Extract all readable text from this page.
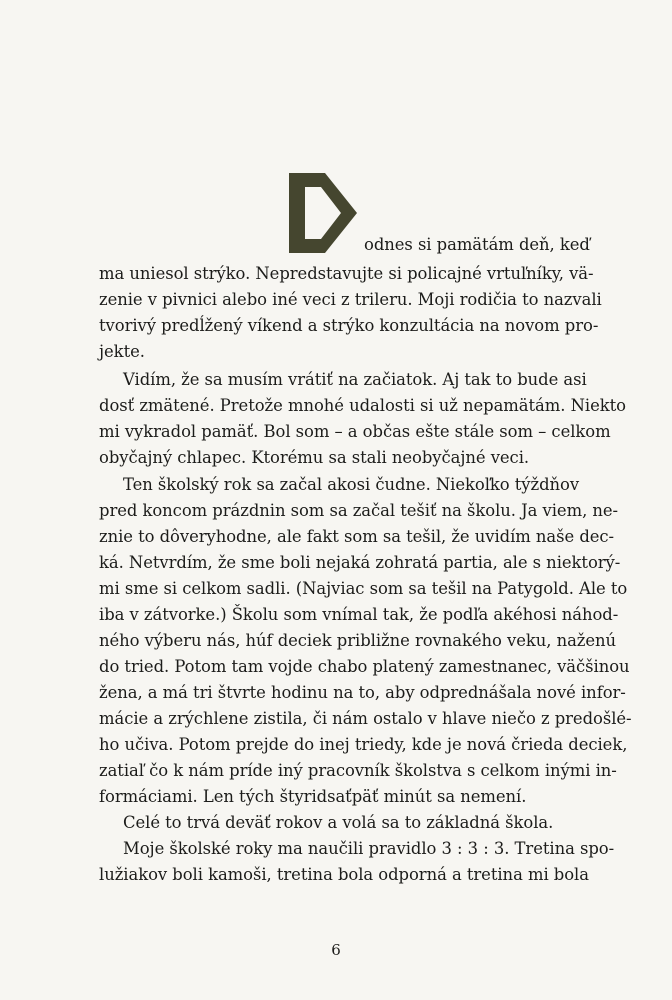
odnes si pamätám deň, keď
ma uniesol strýko. Nepredstavujte si policajné vrtuľníky, vä-
zenie v pivnici alebo iné veci z trileru. Moji rodičia to nazvali
tvorivý predĺžený víkend a strýko konzultácia na novom pro-
jekte.
Vidím, že sa musím vrátiť na začiatok. Aj tak to bude asi
dosť zmätené. Pretože mnohé udalosti si už nepamätám. Niekto
mi vykradol pamäť. Bol som – a občas ešte stále som – celkom
obyčajný chlapec. Ktorému sa stali neobyčajné veci.
Ten školský rok sa začal akosi čudne. Niekoľko týždňov
pred koncom prázdnin som sa začal tešiť na školu. Ja viem, ne-
znie to dôveryhodne, ale fakt som sa tešil, že uvidím naše dec-
ká. Netvrdím, že sme boli nejaká zohratá partia, ale s niektorý-
mi sme si celkom sadli. (Najviac som sa tešil na Patygold. Ale to
iba v zátvorke.) Školu som vnímal tak, že podľa akéhosi náhod-
ného výberu nás, húf deciek približne rovnakého veku, naženú
do tried. Potom tam vojde chabo platený zamestnanec, väčšinou
žena, a má tri štvrte hodinu na to, aby odprednášala nové infor-
mácie a zrýchlene zistila, či nám ostalo v hlave niečo z predošlé-
ho učiva. Potom prejde do inej triedy, kde je nová črieda deciek,
zatiaľ čo k nám príde iný pracovník školstva s celkom inými in-
formáciami. Len tých štyridsaťpäť minút sa nemení.
Celé to trvá deväť rokov a volá sa to základná škola.
Moje školské roky ma naučili pravidlo 3 : 3 : 3. Tretina spo-
lužiakov boli kamoši, tretina bola odporná a tretina mi bola
6
